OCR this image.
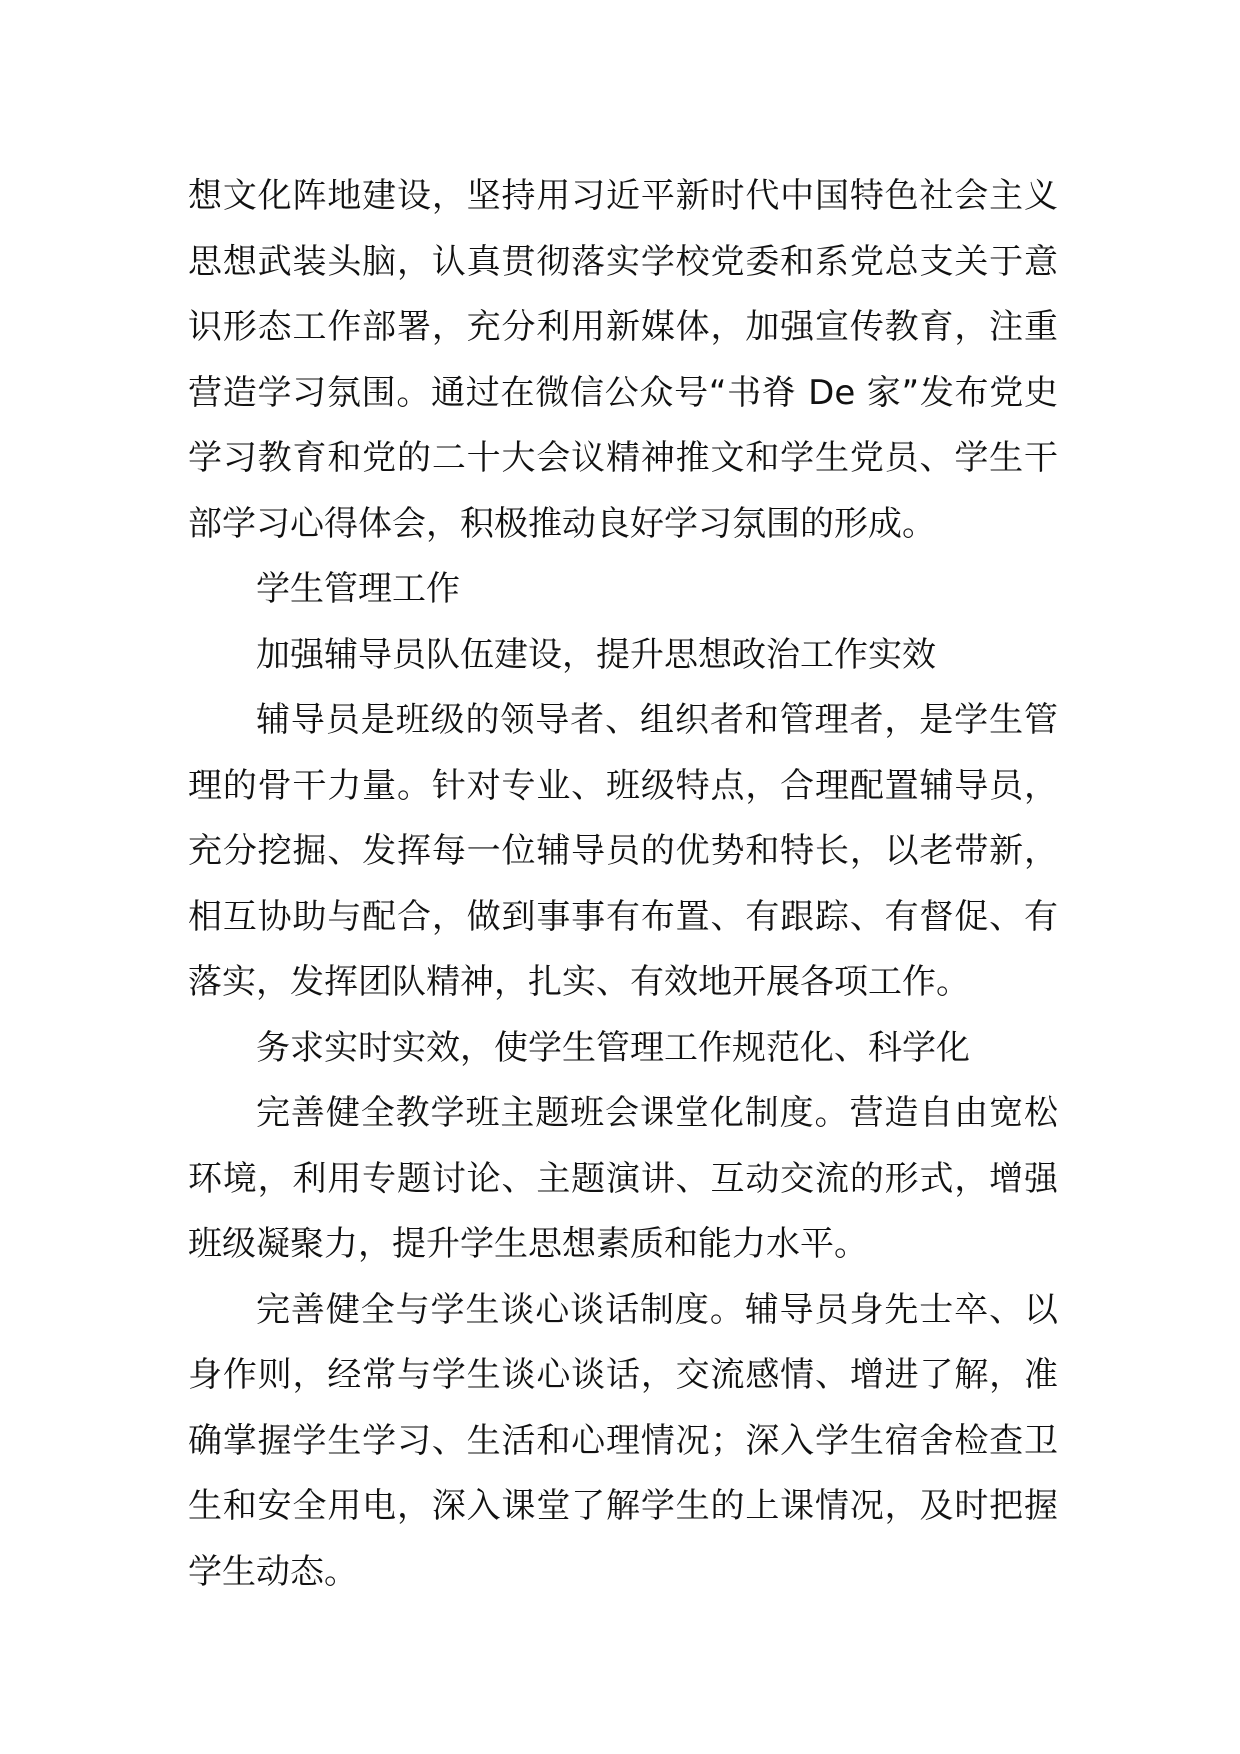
想文化阵地建设，坚持用习近平新时代中国特色社会主义思想武装头脑，认真贯彻落实学校党委和系党总支关于意识形态工作部署，充分利用新媒体，加强宣传教育，注重营造学习氛围。通过在微信公众号“书脊 De 家”发布党史学习教育和党的二十大会议精神推文和学生党员、学生干部学习心得体会，积极推动良好学习氛围的形成。

学生管理工作

加强辅导员队伍建设，提升思想政治工作实效

辅导员是班级的领导者、组织者和管理者，是学生管理的骨干力量。针对专业、班级特点，合理配置辅导员，充分挖掘、发挥每一位辅导员的优势和特长，以老带新，相互协助与配合，做到事事有布置、有跟踪、有督促、有落实，发挥团队精神，扎实、有效地开展各项工作。

务求实时实效，使学生管理工作规范化、科学化

完善健全教学班主题班会课堂化制度。营造自由宽松环境，利用专题讨论、主题演讲、互动交流的形式，增强班级凝聚力，提升学生思想素质和能力水平。

完善健全与学生谈心谈话制度。辅导员身先士卒、以身作则，经常与学生谈心谈话，交流感情、增进了解，准确掌握学生学习、生活和心理情况；深入学生宿舍检查卫生和安全用电，深入课堂了解学生的上课情况，及时把握学生动态。
